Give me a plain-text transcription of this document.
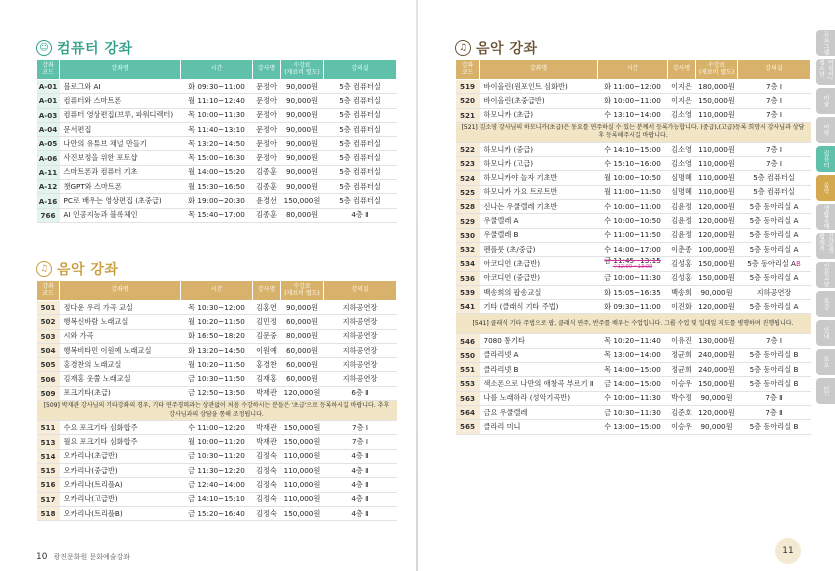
☺ 컴퓨터 강좌
강좌
코드	강좌명	시간	강사명	수강료
(재료비 별도)	강의실
A-01	블로그와 AI	화 09:30~11:00	문정아	90,000원	5층 컴퓨터실
A-01	컴퓨터와 스마트폰	월 11:10~12:40	문정아	90,000원	5층 컴퓨터실
A-03	컴퓨터 영상편집(브루, 파워디렉터)	목 10:00~11:30	문정아	90,000원	5층 컴퓨터실
A-04	문서편집	목 11:40~13:10	문정아	90,000원	5층 컴퓨터실
A-05	나만의 유튜브 채널 만들기	목 13:20~14:50	문정아	90,000원	5층 컴퓨터실
A-06	사진보정을 위한 포토샵	목 15:00~16:30	문정아	90,000원	5층 컴퓨터실
A-11	스마트폰과 컴퓨터 기초	월 14:00~15:20	김종훈	90,000원	5층 컴퓨터실
A-12	챗GPT와 스마트폰	월 15:30~16:50	김종훈	90,000원	5층 컴퓨터실
A-16	PC로 배우는 영상편집 (초중급)	화 19:00~20:30	윤경선	150,000원	5층 컴퓨터실
766	AI 인공지능과 블록체인	목 15:40~17:00	김종훈	80,000원	4층 Ⅱ
♫ 음악 강좌
강좌
코드	강좌명	시간	강사명	수강료
(재료비 별도)	강의실
501	정다운 우리 가곡 교실	목 10:30~12:00	김홍연	90,000원	지하공연장
502	행복신바람 노래교실	월 10:20~11:50	김민정	60,000원	지하공연장
503	시와 가곡	화 16:50~18:20	김문중	80,000원	지하공연장
504	행복비타민 이원예 노래교실	화 13:20~14:50	이원예	60,000원	지하공연장
505	홍경찬의 노래교실	월 10:20~11:50	홍경찬	60,000원	지하공연장
506	김재홍 웃쭐 노래교실	금 10:30~11:50	김재홍	60,000원	지하공연장
509	포크기타(초급)	금 12:50~13:50	박재관	120,000원	6층 Ⅱ
[509] 박재관 강사님의 기타강좌의 경우, 기타 연주경력과는 상관없이 처음 수강하시는 분들은 '초급'으로 등록하시길 바랍니다. 추후 강사님과의 상담을 통해 조정됩니다.					
511	수요 포크기타 심화합주	수 11:00~12:20	박재관	150,000원	7층 Ⅰ
513	월요 포크기타 심화합주	월 10:00~11:20	박재관	150,000원	7층 Ⅰ
514	오카리나(초급반)	금 10:30~11:20	김정숙	110,000원	4층 Ⅱ
515	오카리나(중급반)	금 11:30~12:20	김정숙	110,000원	4층 Ⅱ
516	오카리나(트리플A)	금 12:40~14:00	김정숙	110,000원	4층 Ⅱ
517	오카리나(고급반)	금 14:10~15:10	김정숙	110,000원	4층 Ⅱ
518	오카리나(트리플B)	금 15:20~16:40	김정숙	150,000원	4층 Ⅱ
10 광진문화원 문화예술강좌
♫ 음악 강좌
강좌
코드	강좌명	시간	강사명	수강료
(재료비 별도)	강의실
519	바이올린(원포인트 심화반)	화 11:00~12:00	이지은	180,000원	7층 Ⅰ
520	바이올린(초중급반)	화 10:00~11:00	이지은	150,000원	7층 Ⅰ
521	하모니카 (초급)	수 13:10~14:00	김소영	110,000원	7층 Ⅰ
[521] 김소영 강사님의 하모니카(초급)은 동요를 연주하실 수 있는 분께서 등록가능합니다. (중급),(고급)등록 희망시 강사님과 상담후 등록해주시길 바랍니다.					
522	하모니카 (중급)	수 14:10~15:00	김소영	110,000원	7층 Ⅰ
523	하모니카 (고급)	수 15:10~16:00	김소영	110,000원	7층 Ⅰ
524	하모니카야 놀자 기초반	월 10:00~10:50	심명혜	110,000원	5층 컴퓨터실
525	하모니카 가요 트로트반	월 11:00~11:50	심명혜	110,000원	5층 컴퓨터실
528	신나는 우쿨렐레 기초반	수 10:00~11:00	김윤정	120,000원	5층 동아리실 A
529	우쿨렐레 A	수 10:00~10:50	김윤정	120,000원	5층 동아리실 A
530	우쿨렐레 B	수 11:00~11:50	김윤정	120,000원	5층 동아리실 A
532	펜플룻 (초/중급)	수 14:00~17:00	이춘종	100,000원	5층 동아리실 A
534	아코디언 (초급반)	금 11:45~13:15
수12:00 ~13:00	김성홍	150,000원	5층 동아리실 AB
536	아코디언 (중급반)	금 10:00~11:30	김성홍	150,000원	5층 동아리실 A
539	백송희의 팝송교실	화 15:05~16:35	백송희	90,000원	지하공연장
541	기타 (클래식 기타 주법)	화 09:30~11:00	이진화	120,000원	5층 동아리실 A
[541] 클래식 기타 주법으로 팝, 클래식 연주, 반주를 배우는 수업입니다. 그룹 수업 및 일대일 지도를 병행하며 진행됩니다.					
546	7080 통기타	목 10:20~11:40	이유진	130,000원	7층 Ⅰ
550	클라리넷 A	목 13:00~14:00	정균희	240,000원	5층 동아리실 B
551	클라리넷 B	목 14:00~15:00	정균희	240,000원	5층 동아리실 B
553	색소폰으로 나만의 애창곡 부르기 Ⅱ	금 14:00~15:00	이승우	150,000원	5층 동아리실 B
563	나를 노래하라 (성악기곡반)	수 10:00~11:30	박수정	90,000원	7층 Ⅱ
564	금요 우쿨렐레	금 10:30~11:30	김준호	120,000원	7층 Ⅱ
565	클라리 미니	수 13:00~15:00	이승우	90,000원	5층 동아리실 B
11
프로그램
어린이/청소년
미술
어학
컴퓨터
음악
생활공예
건강/생활레저
인문교양
특강
안내
토요
1인
